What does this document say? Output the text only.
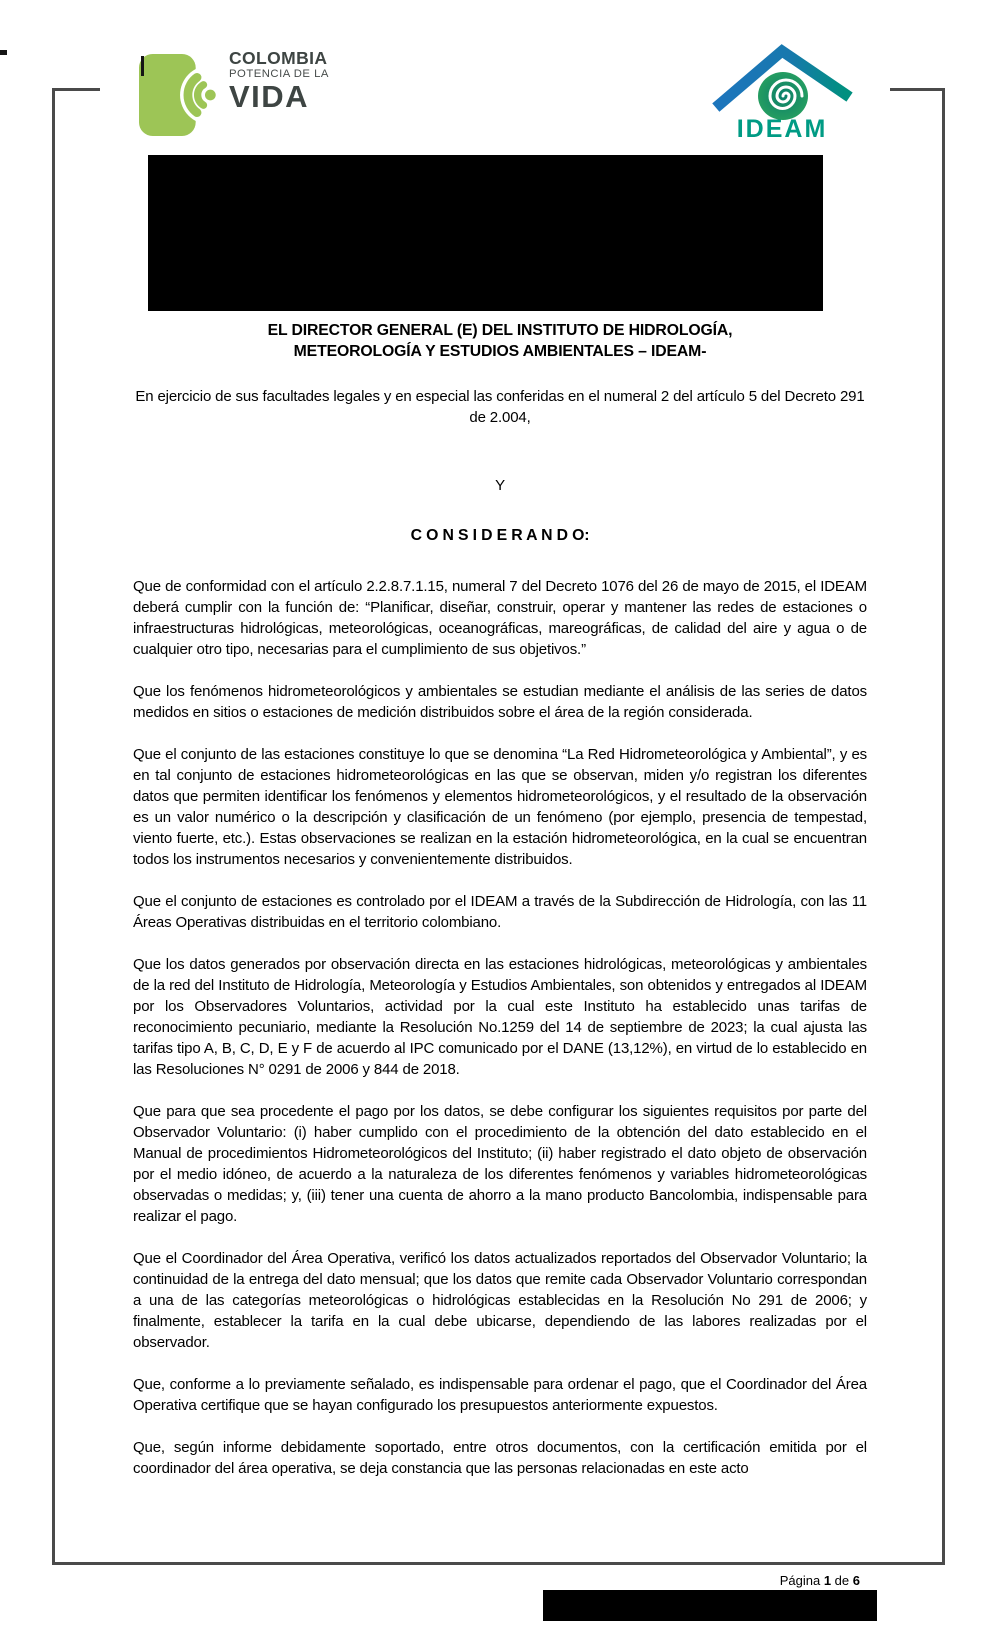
COLOMBIA
POTENCIA DE LA
VIDA
IDEAM
EL DIRECTOR GENERAL (E) DEL INSTITUTO DE HIDROLOGÍA,
METEOROLOGÍA Y ESTUDIOS AMBIENTALES – IDEAM-

En ejercicio de sus facultades legales y en especial las conferidas en el numeral 2 del artículo 5 del Decreto 291 de 2.004,

Y

C O N S I D E R A N D O:

Que de conformidad con el artículo 2.2.8.7.1.15, numeral 7 del Decreto 1076 del 26 de mayo de 2015, el IDEAM deberá cumplir con la función de: “Planificar, diseñar, construir, operar y mantener las redes de estaciones o infraestructuras hidrológicas, meteorológicas, oceanográficas, mareográficas, de calidad del aire y agua o de cualquier otro tipo, necesarias para el cumplimiento de sus objetivos.”

Que los fenómenos hidrometeorológicos y ambientales se estudian mediante el análisis de las series de datos medidos en sitios o estaciones de medición distribuidos sobre el área de la región considerada.

Que el conjunto de las estaciones constituye lo que se denomina “La Red Hidrometeorológica y Ambiental”, y es en tal conjunto de estaciones hidrometeorológicas en las que se observan, miden y/o registran los diferentes datos que permiten identificar los fenómenos y elementos hidrometeorológicos, y el resultado de la observación es un valor numérico o la descripción y clasificación de un fenómeno (por ejemplo, presencia de tempestad, viento fuerte, etc.). Estas observaciones se realizan en la estación hidrometeorológica, en la cual se encuentran todos los instrumentos necesarios y convenientemente distribuidos.

Que el conjunto de estaciones es controlado por el IDEAM a través de la Subdirección de Hidrología, con las 11 Áreas Operativas distribuidas en el territorio colombiano.

Que los datos generados por observación directa en las estaciones hidrológicas, meteorológicas y ambientales de la red del Instituto de Hidrología, Meteorología y Estudios Ambientales, son obtenidos y entregados al IDEAM por los Observadores Voluntarios, actividad por la cual este Instituto ha establecido unas tarifas de reconocimiento pecuniario, mediante la Resolución No.1259 del 14 de septiembre de 2023; la cual ajusta las tarifas tipo A, B, C, D, E y F de acuerdo al IPC comunicado por el DANE (13,12%), en virtud de lo establecido en las Resoluciones N° 0291 de 2006 y 844 de 2018.

Que para que sea procedente el pago por los datos, se debe configurar los siguientes requisitos por parte del Observador Voluntario: (i) haber cumplido con el procedimiento de la obtención del dato establecido en el Manual de procedimientos Hidrometeorológicos del Instituto; (ii) haber registrado el dato objeto de observación por el medio idóneo, de acuerdo a la naturaleza de los diferentes fenómenos y variables hidrometeorológicas observadas o medidas; y, (iii) tener una cuenta de ahorro a la mano producto Bancolombia, indispensable para realizar el pago.

Que el Coordinador del Área Operativa, verificó los datos actualizados reportados del Observador Voluntario; la continuidad de la entrega del dato mensual; que los datos que remite cada Observador Voluntario correspondan a una de las categorías meteorológicas o hidrológicas establecidas en la Resolución No 291 de 2006; y finalmente, establecer la tarifa en la cual debe ubicarse, dependiendo de las labores realizadas por el observador.

Que, conforme a lo previamente señalado, es indispensable para ordenar el pago, que el Coordinador del Área Operativa certifique que se hayan configurado los presupuestos anteriormente expuestos.

Que, según informe debidamente soportado, entre otros documentos, con la certificación emitida por el coordinador del área operativa, se deja constancia que las personas relacionadas en este acto

Página 1 de 6
